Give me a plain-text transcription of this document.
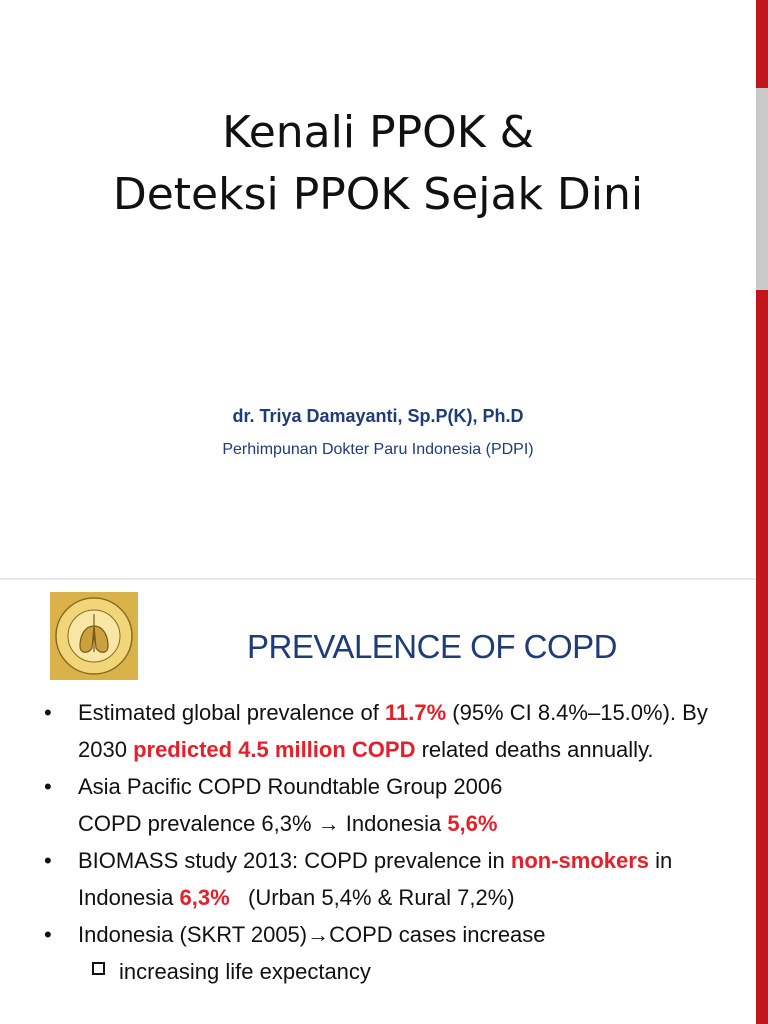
Kenali PPOK &
Deteksi PPOK Sejak Dini
dr. Triya Damayanti, Sp.P(K), Ph.D
Perhimpunan Dokter Paru Indonesia (PDPI)
PREVALENCE OF COPD
• Estimated global prevalence of 11.7% (95% CI 8.4%–15.0%). By 2030 predicted 4.5 million COPD related deaths annually.
• Asia Pacific COPD Roundtable Group 2006
COPD prevalence 6,3% → Indonesia 5,6%
• BIOMASS study 2013: COPD prevalence in non-smokers in Indonesia 6,3%   (Urban 5,4% & Rural 7,2%)
• Indonesia (SKRT 2005)→COPD cases increase
increasing life expectancy
